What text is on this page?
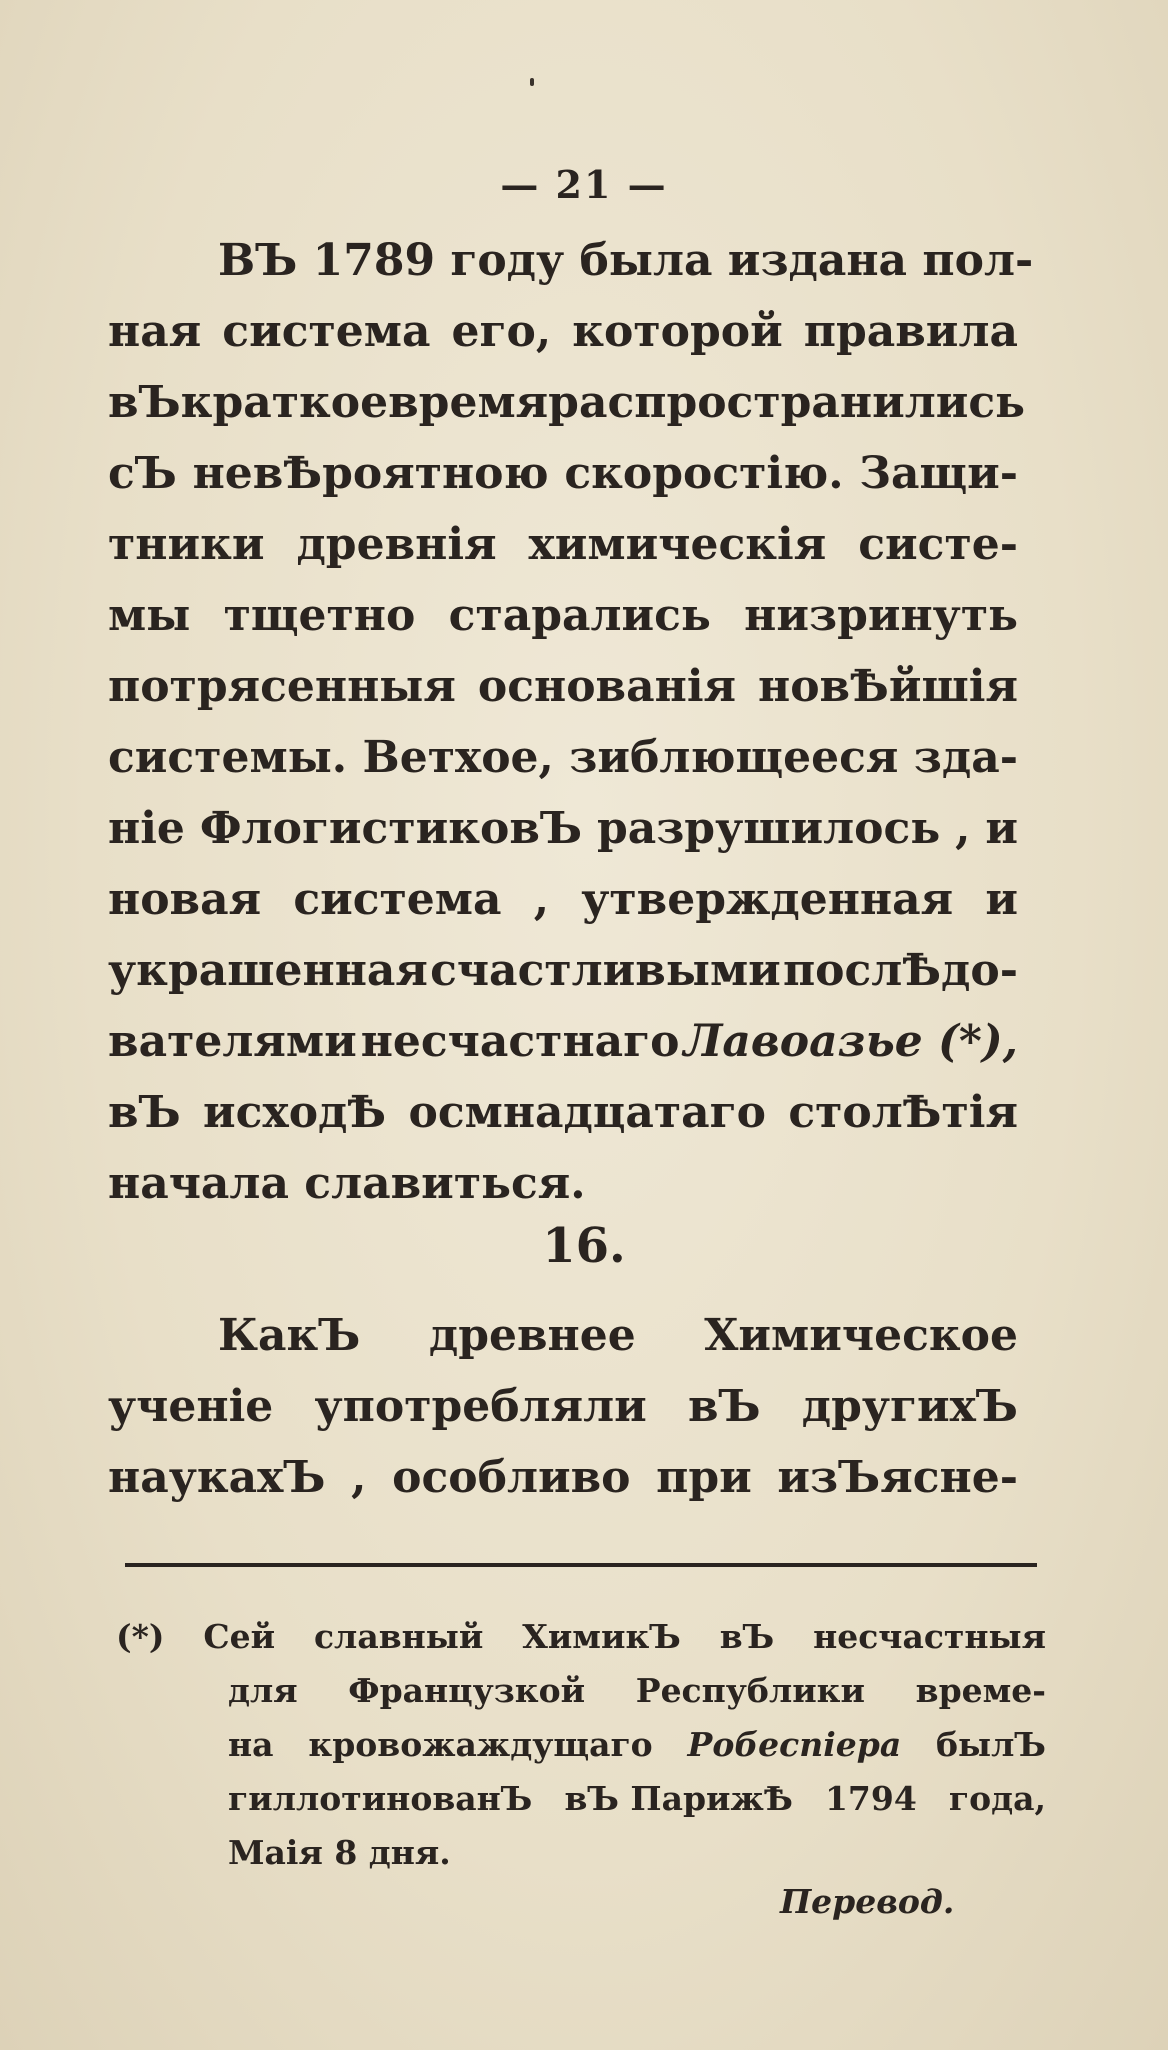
— 21 —
ВЪ 1789 году была издана пол-
ная система его, которой правила
вЪ краткое время распространились
сЪ невѢроятною скоростію. Защи-
тники древнія химическія систе-
мы тщетно старались низринуть
потрясенныя основанія новѢйшія
системы. Ветхое, зиблющееся зда-
ніе ФлогистиковЪ разрушилось , и
новая система , утвержденная и
украшенная счастливыми послѢдо-
вателями несчастнаго Лавоазье (*),
вЪ исходѢ осмнадцатаго столѢтія
начала славиться.
16.
КакЪ древнее Химическое
ученіе употребляли вЪ другихЪ
наукахЪ , особливо при изЪясне-
(*) Сей славный ХимикЪ вЪ несчастныя
для Французкой Республики време-
на кровожаждущаго Робеспіера былЪ
гиллотинованЪ вЪ ПарижѢ 1794 года,
Маія 8 дня.
Перевод.
